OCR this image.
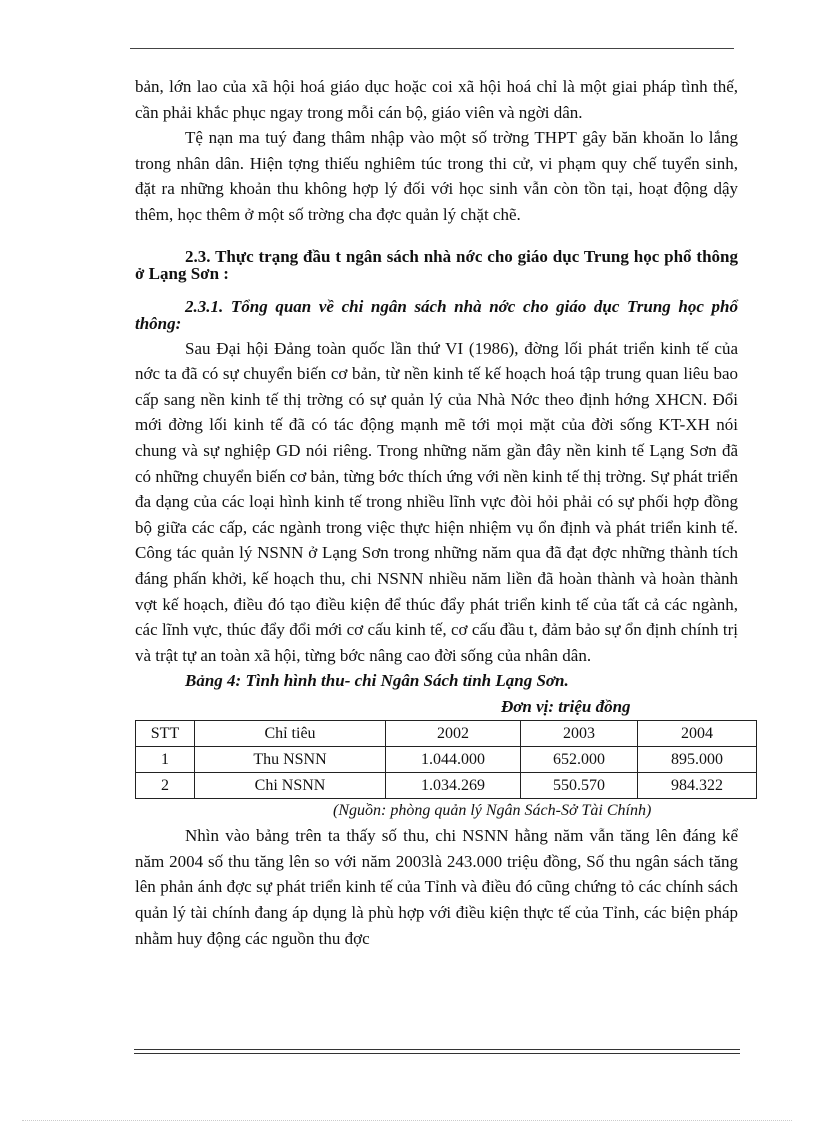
bản, lớn lao của xã hội hoá giáo dục hoặc coi xã hội hoá chỉ là một giai pháp tình thế, cần phải khắc phục ngay trong mỗi cán bộ, giáo viên và ngời dân.

Tệ nạn ma tuý đang thâm nhập vào một số trờng THPT gây băn khoăn lo lắng trong nhân dân. Hiện tợng thiếu nghiêm túc trong thi cử, vi phạm quy chế tuyển sinh, đặt ra những khoản thu không hợp lý đối với học sinh vẫn còn tồn tại, hoạt động dậy thêm, học thêm ở một số trờng cha đợc quản lý chặt chẽ.

2.3. Thực trạng đầu t ngân sách nhà nớc cho giáo dục Trung học phổ thông ở Lạng Sơn :

2.3.1. Tổng quan về chi ngân sách nhà nớc cho giáo dục Trung học phổ thông:

Sau Đại hội Đảng toàn quốc lần thứ VI (1986), đờng lối phát triển kinh tế của nớc ta đã có sự chuyển biến cơ bản, từ nền kinh tế kế hoạch hoá tập trung quan liêu bao cấp sang nền kinh tế thị trờng có sự quản lý của Nhà Nớc theo định hớng XHCN. Đổi mới đờng lối kinh tế đã có tác động mạnh mẽ tới mọi mặt của đời sống KT-XH nói chung và sự nghiệp GD nói riêng. Trong những năm gần đây nền kinh tế Lạng Sơn đã có những chuyển biến cơ bản, từng bớc thích ứng với nền kinh tế thị trờng. Sự phát triển đa dạng của các loại hình kinh tế trong nhiều lĩnh vực đòi hỏi phải có sự phối hợp đồng bộ giữa các cấp, các ngành trong việc thực hiện nhiệm vụ ổn định và phát triển kinh tế. Công tác quản lý NSNN ở Lạng Sơn trong những năm qua đã đạt đợc những thành tích đáng phấn khởi, kế hoạch thu, chi NSNN nhiều năm liền đã hoàn thành và hoàn thành vợt kế hoạch, điều đó tạo điều kiện để thúc đẩy phát triển kinh tế của tất cả các ngành, các lĩnh vực, thúc đẩy đổi mới cơ cấu kinh tế, cơ cấu đầu t, đảm bảo sự ổn định chính trị và trật tự an toàn xã hội, từng bớc nâng cao đời sống của nhân dân.

Bảng 4: Tình hình thu- chi Ngân Sách tỉnh Lạng Sơn.

Đơn vị: triệu đồng

STT	Chỉ tiêu	2002	2003	2004
1	Thu NSNN	1.044.000	652.000	895.000
2	Chi NSNN	1.034.269	550.570	984.322

(Nguồn: phòng quản lý Ngân Sách-Sở Tài Chính)

Nhìn vào bảng trên ta thấy số thu, chi NSNN hằng năm vẫn tăng lên đáng kể năm 2004 số thu tăng lên so với năm 2003là 243.000 triệu đồng, Số thu ngân sách tăng lên phản ánh đợc sự phát triển kinh tế của Tỉnh và điều đó cũng chứng tỏ các chính sách quản lý tài chính đang áp dụng là phù hợp với điều kiện thực tế của Tỉnh, các biện pháp nhằm huy động các nguồn thu đợc
